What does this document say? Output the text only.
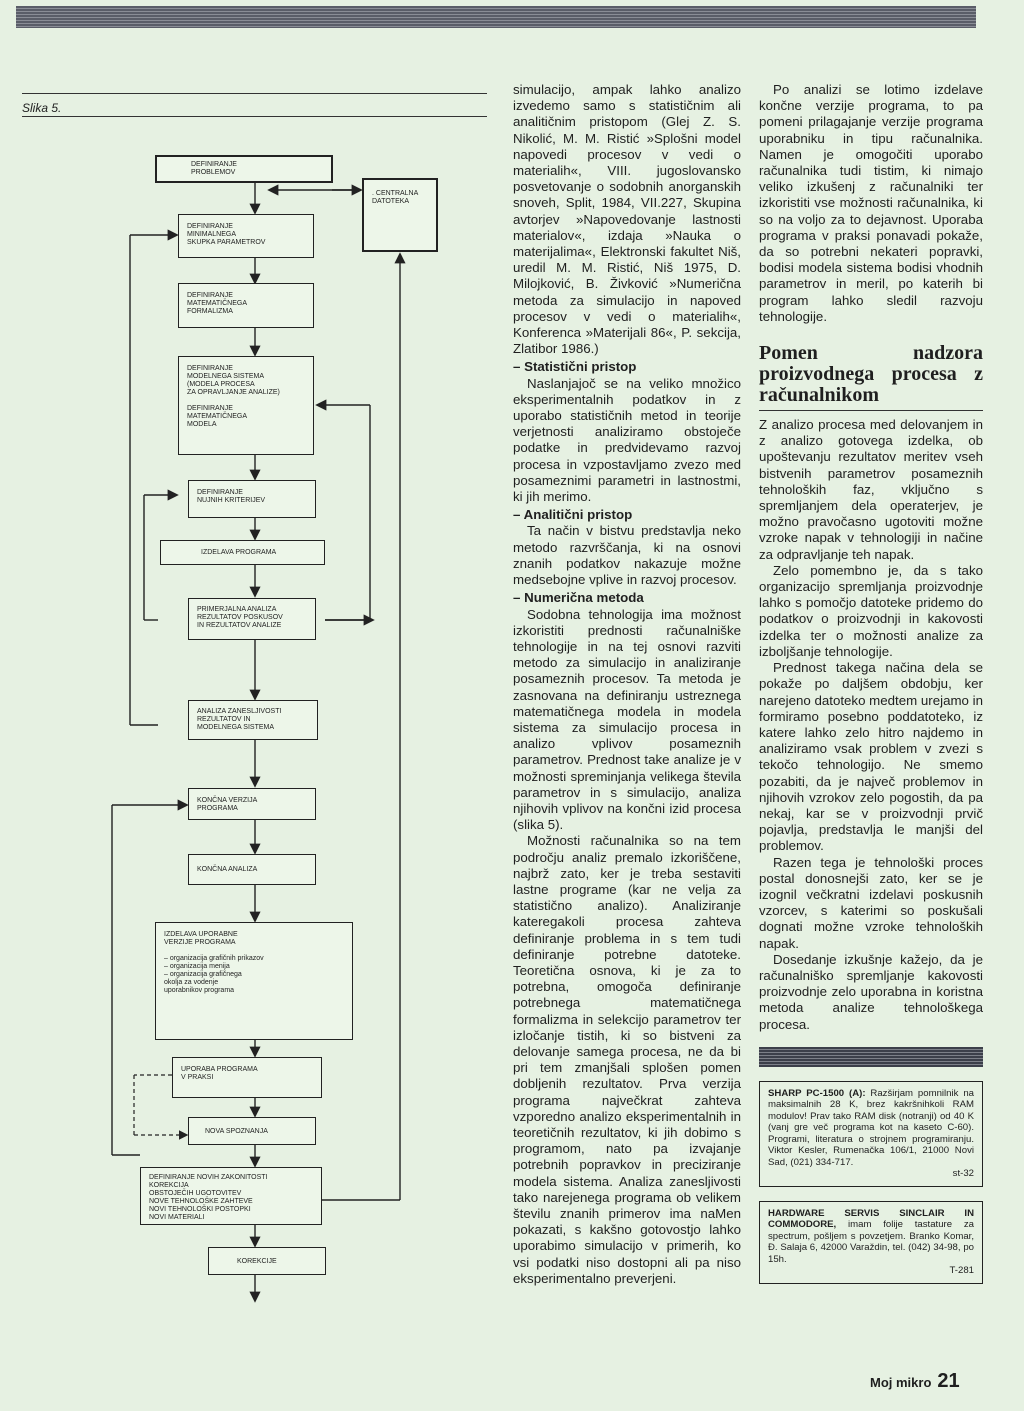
Slika 5.
DEFINIRANJE
PROBLEMOV
. CENTRALNA
DATOTEKA
DEFINIRANJE
MINIMALNEGA
SKUPKA PARAMETROV
DEFINIRANJE
MATEMATIČNEGA
FORMALIZMA
DEFINIRANJE
MODELNEGA SISTEMA
(MODELA PROCESA
ZA OPRAVLJANJE ANALIZE)

DEFINIRANJE
MATEMATIČNEGA
MODELA
DEFINIRANJE
NUJNIH KRITERIJEV
IZDELAVA PROGRAMA
PRIMERJALNA ANALIZA
REZULTATOV POSKUSOV
IN REZULTATOV ANALIZE
ANALIZA ZANESLJIVOSTI
REZULTATOV IN
MODELNEGA SISTEMA
KONČNA VERZIJA
PROGRAMA
KONČNA ANALIZA
IZDELAVA UPORABNE
VERZIJE PROGRAMA

– organizacija grafičnih prikazov
– organizacija menija
– organizacija grafičnega
okolja za vodenje
uporabnikov programa
UPORABA PROGRAMA
V PRAKSI
NOVA SPOZNANJA
DEFINIRANJE NOVIH ZAKONITOSTI
KOREKCIJA
OBSTOJEČIH UGOTOVITEV
NOVE TEHNOLOŠKE ZAHTEVE
NOVI TEHNOLOŠKI POSTOPKI
NOVI MATERIALI
KOREKCIJE

simulacijo, ampak lahko analizo izvedemo samo s statističnim ali analitičnim pristopom (Glej Z. S. Nikolić, M. M. Ristić »Splošni model napovedi procesov v vedi o materialih«, VIII. jugoslovansko posvetovanje o sodobnih anorganskih snoveh, Split, 1984, VII.227, Skupina avtorjev »Napovedovanje lastnosti materialov«, izdaja »Nauka o materijalima«, Elektronski fakultet Niš, uredil M. M. Ristić, Niš 1975, D. Milojković, B. Živković »Numerična metoda za simulacijo in napoved procesov v vedi o materialih«, Konferenca »Materijali 86«, P. sekcija, Zlatibor 1986.)

– Statistični pristop

Naslanjajoč se na veliko množico eksperimentalnih podatkov in z uporabo statističnih metod in teorije verjetnosti analiziramo obstoječe podatke in predvidevamo razvoj procesa in vzpostavljamo zvezo med posameznimi parametri in lastnostmi, ki jih merimo.

– Analitični pristop

Ta način v bistvu predstavlja neko metodo razvrščanja, ki na osnovi znanih podatkov nakazuje možne medsebojne vplive in razvoj procesov.

– Numerična metoda

Sodobna tehnologija ima možnost izkoristiti prednosti računalniške tehnologije in na tej osnovi razviti metodo za simulacijo in analiziranje posameznih procesov. Ta metoda je zasnovana na definiranju ustreznega matematičnega modela in modela sistema za simulacijo procesa in analizo vplivov posameznih parametrov. Prednost take analize je v možnosti spreminjanja velikega števila parametrov in s simulacijo, analiza njihovih vplivov na končni izid procesa (slika 5).

Možnosti računalnika so na tem področju analiz premalo izkoriščene, najbrž zato, ker je treba sestaviti lastne programe (kar ne velja za statistično analizo). Analiziranje kateregakoli procesa zahteva definiranje problema in s tem tudi definiranje potrebne datoteke. Teoretična osnova, ki je za to potrebna, omogoča definiranje potrebnega matematičnega formalizma in selekcijo parametrov ter izločanje tistih, ki so bistveni za delovanje samega procesa, ne da bi pri tem zmanjšali splošen pomen dobljenih rezultatov. Prva verzija programa največkrat zahteva vzporedno analizo eksperimentalnih in teoretičnih rezultatov, ki jih dobimo s programom, nato pa izvajanje potrebnih popravkov in preciziranje modela sistema. Analiza zanesljivosti tako narejenega programa ob velikem številu znanih primerov ima naMen pokazati, s kakšno gotovostjo lahko uporabimo simulacijo v primerih, ko vsi podatki niso dostopni ali pa niso eksperimentalno preverjeni.

Po analizi se lotimo izdelave končne verzije programa, to pa pomeni prilagajanje verzije programa uporabniku in tipu računalnika. Namen je omogočiti uporabo računalnika tudi tistim, ki nimajo veliko izkušenj z računalniki ter izkoristiti vse možnosti računalnika, ki so na voljo za to dejavnost. Uporaba programa v praksi ponavadi pokaže, da so potrebni nekateri popravki, bodisi modela sistema bodisi vhodnih parametrov in meril, po katerih bi program lahko sledil razvoju tehnologije.

Pomen nadzora proizvodnega procesa z računalnikom

Z analizo procesa med delovanjem in z analizo gotovega izdelka, ob upoštevanju rezultatov meritev vseh bistvenih parametrov posameznih tehnoloških faz, vključno s spremljanjem dela operaterjev, je možno pravočasno ugotoviti možne vzroke napak v tehnologiji in načine za odpravljanje teh napak.

Zelo pomembno je, da s tako organizacijo spremljanja proizvodnje lahko s pomočjo datoteke pridemo do podatkov o proizvodnji in kakovosti izdelka ter o možnosti analize za izboljšanje tehnologije.

Prednost takega načina dela se pokaže po daljšem obdobju, ker narejeno datoteko medtem urejamo in formiramo posebno poddatoteko, iz katere lahko zelo hitro najdemo in analiziramo vsak problem v zvezi s tekočo tehnologijo. Ne smemo pozabiti, da je največ problemov in njihovih vzrokov zelo pogostih, da pa nekaj, kar se v proizvodnji prvič pojavlja, predstavlja le manjši del problemov.

Razen tega je tehnološki proces postal donosnejši zato, ker se je izognil večkratni izdelavi poskusnih vzorcev, s katerimi so poskušali dognati možne vzroke tehnoloških napak.

Dosedanje izkušnje kažejo, da je računalniško spremljanje kakovosti proizvodnje zelo uporabna in koristna metoda analize tehnološkega procesa.

SHARP PC-1500 (A): Razširjam pomnilnik na maksimalnih 28 K, brez kakršnihkoli RAM modulov! Prav tako RAM disk (notranji) od 40 K (vanj gre več programa kot na kaseto C-60). Programi, literatura o strojnem programiranju. Viktor Kesler, Rumenačka 106/1, 21000 Novi Sad, (021) 334-717.
st-32
HARDWARE SERVIS SINCLAIR IN COMMODORE, imam folije tastature za spectrum, pošljem s povzetjem. Branko Komar, Đ. Salaja 6, 42000 Varaždin, tel. (042) 34-98, po 15h.
T-281
Moj mikro 21
